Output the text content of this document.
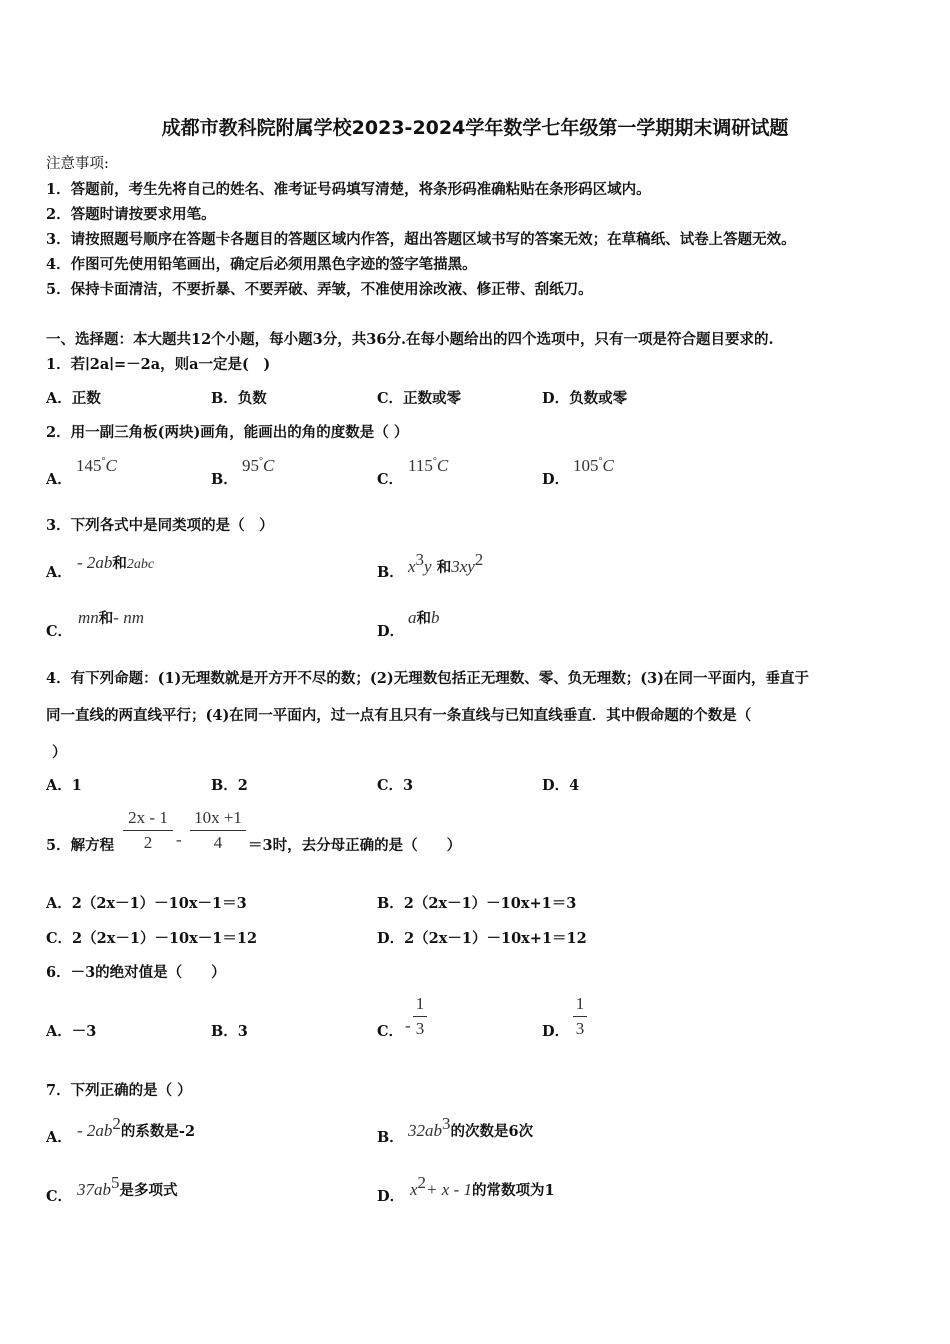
成都市教科院附属学校2023-2024学年数学七年级第一学期期末调研试题
注意事项:
1．答题前，考生先将自己的姓名、准考证号码填写清楚，将条形码准确粘贴在条形码区域内。
2．答题时请按要求用笔。
3．请按照题号顺序在答题卡各题目的答题区域内作答，超出答题区域书写的答案无效；在草稿纸、试卷上答题无效。
4．作图可先使用铅笔画出，确定后必须用黑色字迹的签字笔描黑。
5．保持卡面清洁，不要折暴、不要弄破、弄皱，不准使用涂改液、修正带、刮纸刀。
一、选择题：本大题共12个小题，每小题3分，共36分.在每小题给出的四个选项中，只有一项是符合题目要求的.
1．若∣2a∣=－2a，则a一定是(　)
A．正数	B．负数	C．正数或零	D．负数或零
2．用一副三角板(两块)画角，能画出的角的度数是（ ）
A．
145°C
B．
95°C
C．
115°C
D．
105°C
3．下列各式中是同类项的是（　）
A．
- 2ab和2abc	B． $x^3y$ 和$3xy^2$
C．
mn和- nm
D．
a和b
4．有下列命题：(1)无理数就是开方开不尽的数；(2)无理数包括正无理数、零、负无理数；(3)在同一平面内，垂直于
同一直线的两直线平行；(4)在同一平面内，过一点有且只有一条直线与已知直线垂直．其中假命题的个数是（
）
A．1	B．2	C．3	D．4
5．解方程
2x - 1
2	-
10x +1
4	＝3时，去分母正确的是（　　）
A．2（2x－1）－10x－1＝3	B．2（2x－1）－10x+1＝3
C．2（2x－1）－10x－1＝12	D．2（2x－1）－10x+1＝12
6．－3的绝对值是（　　）
A．－3	B．3	C． -
1
3	D．
1
3
7．下列正确的是（ ）
A． - $2ab^2$的系数是-2	B． $32ab^3$的次数是6次
C． $37ab^5$是多项式	D． $x^2+ x - 1$的常数项为1
